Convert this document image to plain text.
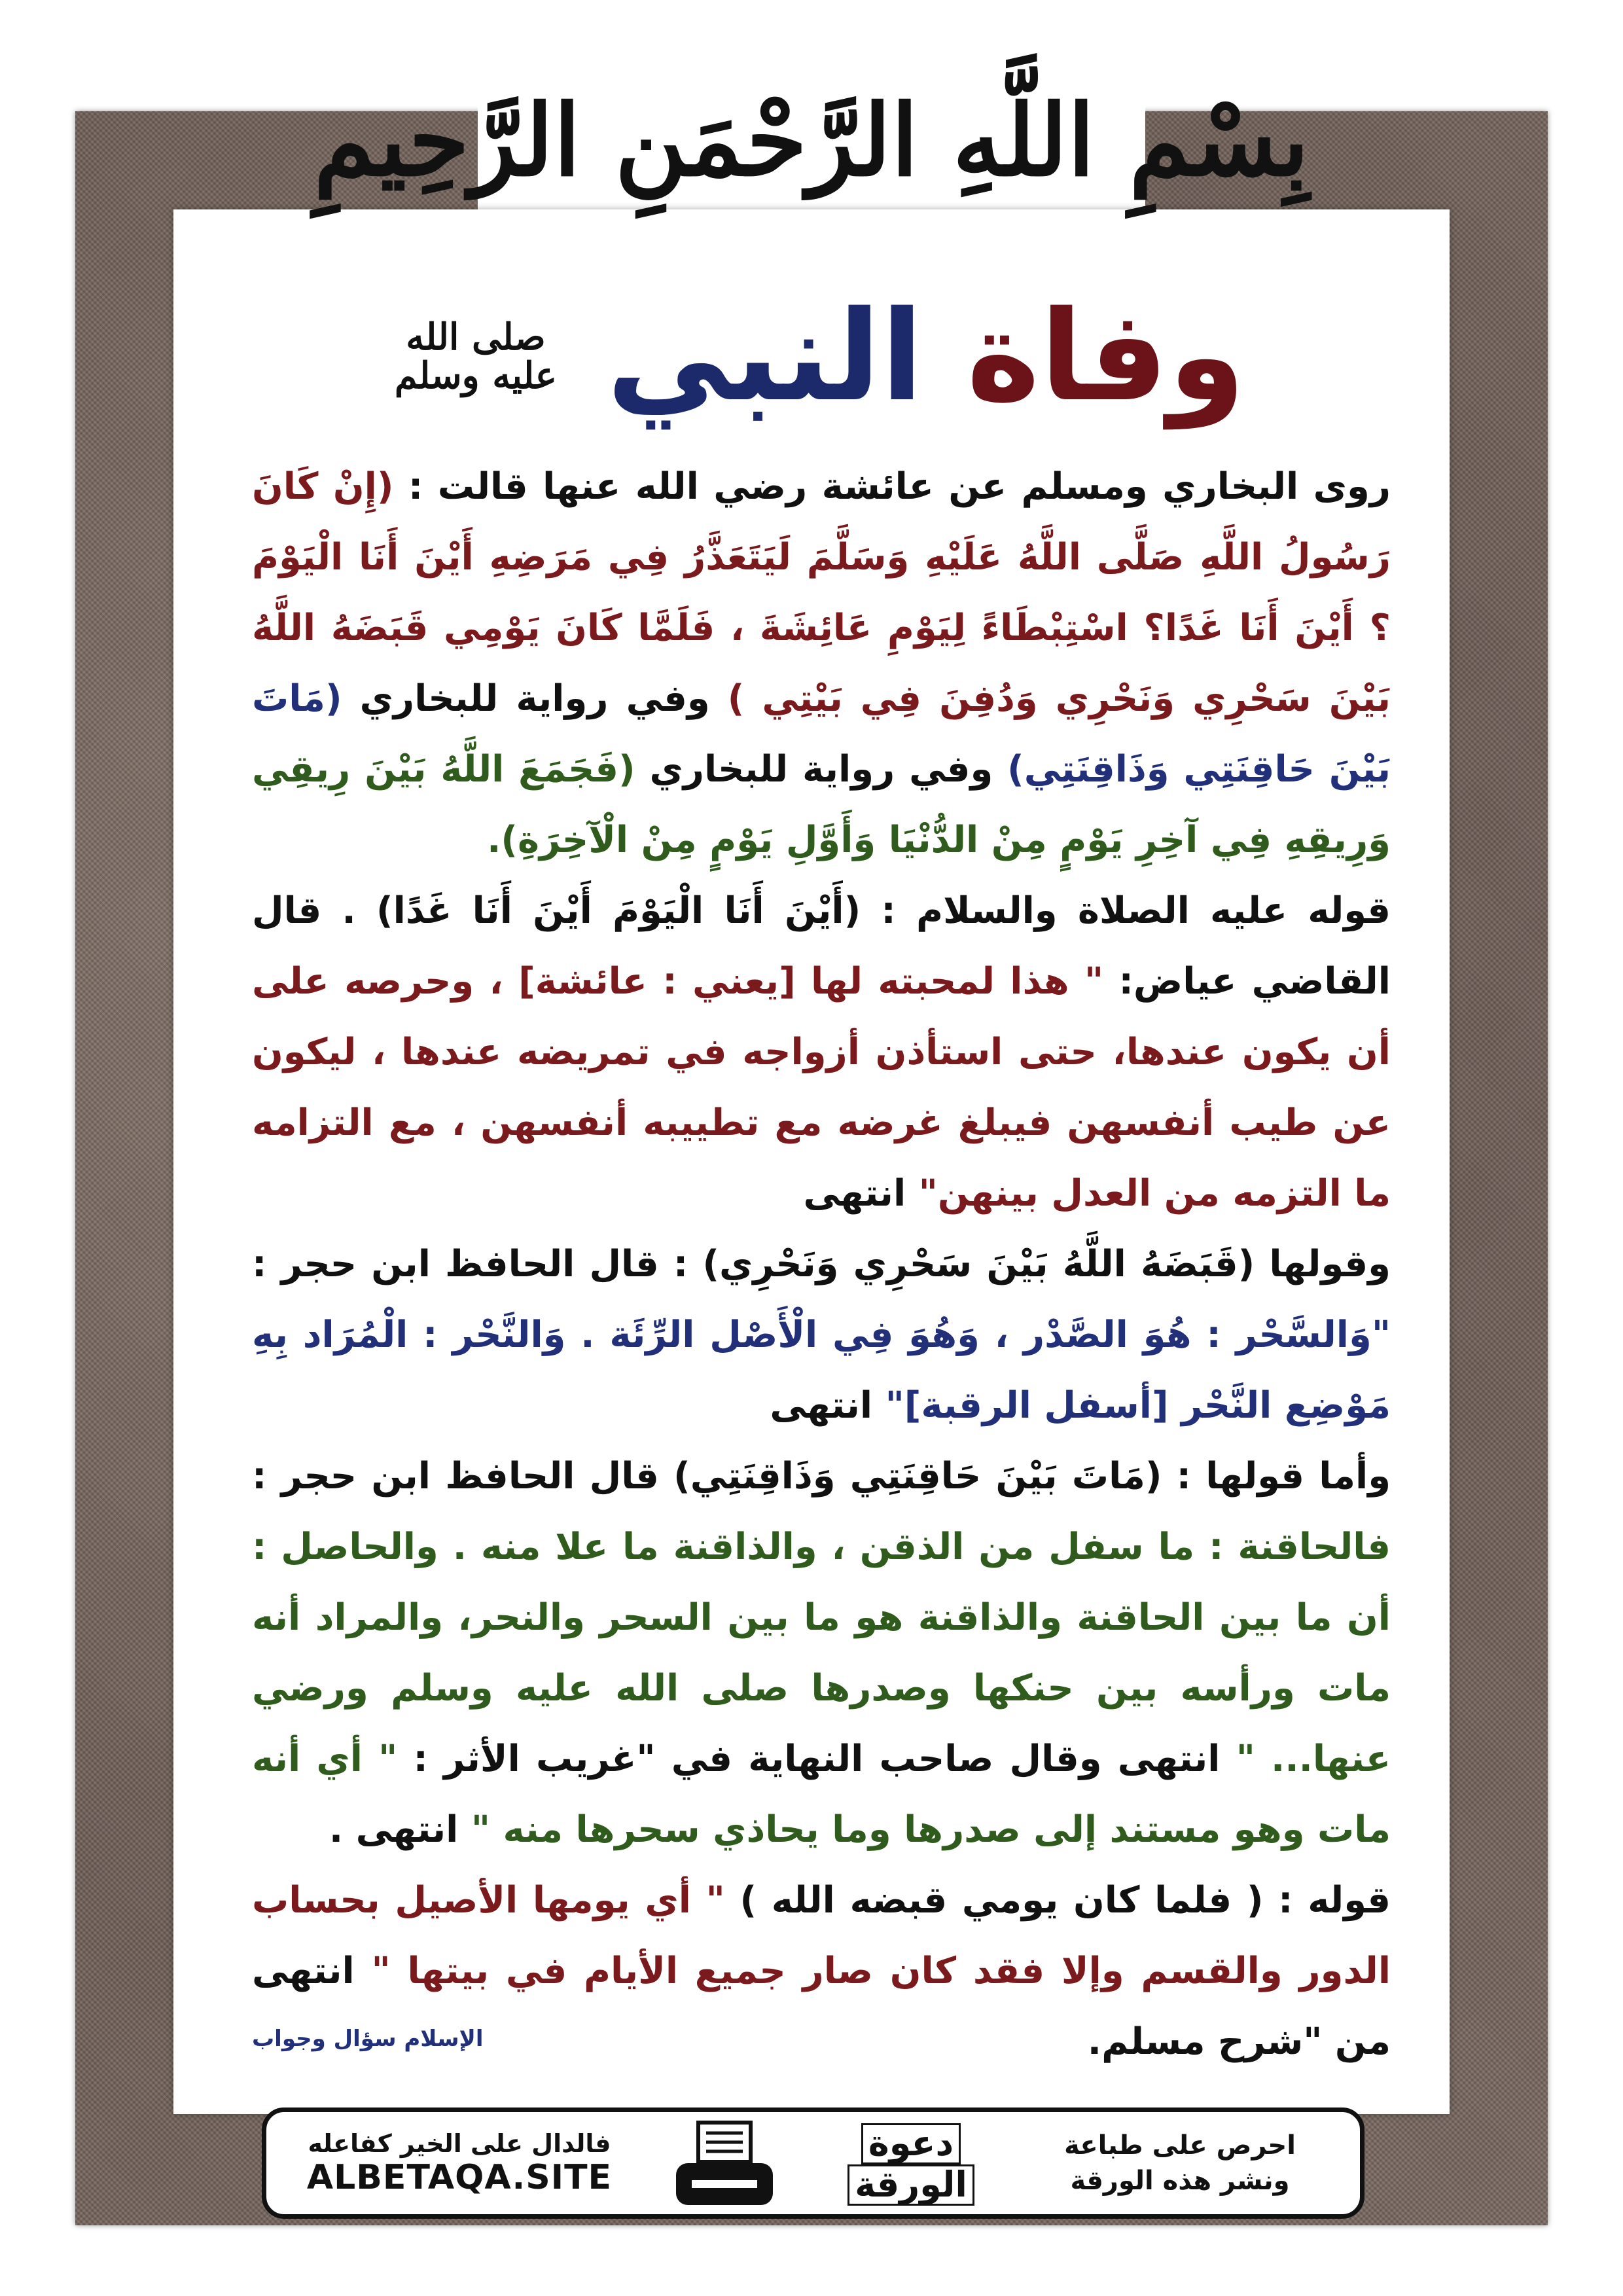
بِسْمِ اللَّهِ الرَّحْمَنِ الرَّحِيمِ
وفاة النبي
صلى الله عليه وسلم

روى البخاري ومسلم عن عائشة رضي الله عنها قالت : (إِنْ كَانَ رَسُولُ اللَّهِ صَلَّى اللَّهُ عَلَيْهِ وَسَلَّمَ لَيَتَعَذَّرُ فِي مَرَضِهِ أَيْنَ أَنَا الْيَوْمَ ؟ أَيْنَ أَنَا غَدًا؟ اسْتِبْطَاءً لِيَوْمِ عَائِشَةَ ، فَلَمَّا كَانَ يَوْمِي قَبَضَهُ اللَّهُ بَيْنَ سَحْرِي وَنَحْرِي وَدُفِنَ فِي بَيْتِي ) وفي رواية للبخاري (مَاتَ بَيْنَ حَاقِنَتِي وَذَاقِنَتِي) وفي رواية للبخاري (فَجَمَعَ اللَّهُ بَيْنَ رِيقِي وَرِيقِهِ فِي آخِرِ يَوْمٍ مِنْ الدُّنْيَا وَأَوَّلِ يَوْمٍ مِنْ الْآخِرَةِ).

قوله عليه الصلاة والسلام : (أَيْنَ أَنَا الْيَوْمَ أَيْنَ أَنَا غَدًا) . قال القاضي عياض: " هذا لمحبته لها [يعني : عائشة] ، وحرصه على أن يكون عندها، حتى استأذن أزواجه في تمريضه عندها ، ليكون عن طيب أنفسهن فيبلغ غرضه مع تطييبه أنفسهن ، مع التزامه ما التزمه من العدل بينهن" انتهى

وقولها (قَبَضَهُ اللَّهُ بَيْنَ سَحْرِي وَنَحْرِي) : قال الحافظ ابن حجر : "وَالسَّحْر : هُوَ الصَّدْر ، وَهُوَ فِي الْأَصْل الرِّئَة . وَالنَّحْر : الْمُرَاد بِهِ مَوْضِع النَّحْر [أسفل الرقبة]" انتهى

وأما قولها : (مَاتَ بَيْنَ حَاقِنَتِي وَذَاقِنَتِي) قال الحافظ ابن حجر : فالحاقنة : ما سفل من الذقن ، والذاقنة ما علا منه . والحاصل : أن ما بين الحاقنة والذاقنة هو ما بين السحر والنحر، والمراد أنه مات ورأسه بين حنكها وصدرها صلى الله عليه وسلم ورضي عنها... " انتهى وقال صاحب النهاية في "غريب الأثر : " أي أنه مات وهو مستند إلى صدرها وما يحاذي سحرها منه " انتهى .

قوله : ( فلما كان يومي قبضه الله ) " أي يومها الأصيل بحساب الدور والقسم وإلا فقد كان صار جميع الأيام في بيتها " انتهى من "شرح مسلم.

الإسلام سؤال وجواب
احرص على طباعة
ونشر هذه الورقة
دعوة
الورقة
فالدال على الخير كفاعله
ALBETAQA.SITE
